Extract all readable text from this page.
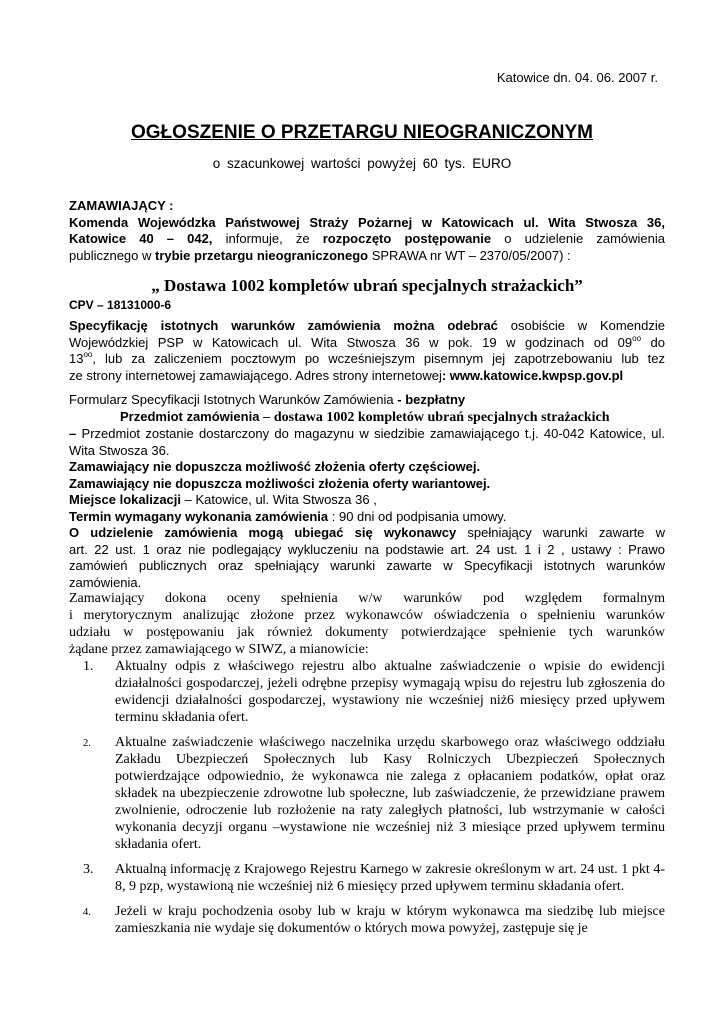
Katowice dn. 04. 06. 2007 r.
OGŁOSZENIE O PRZETARGU NIEOGRANICZONYM
o szacunkowej wartości powyżej 60 tys. EURO

ZAMAWIAJĄCY :

Komenda Wojewódzka Państwowej Straży Pożarnej w Katowicach ul. Wita Stwosza 36,

Katowice 40 – 042, informuje, że rozpoczęto postępowanie o udzielenie zamówienia

publicznego w trybie przetargu nieograniczonego SPRAWA nr WT – 2370/05/2007) :

„ Dostawa 1002 kompletów ubrań specjalnych strażackich”
CPV – 18131000-6

Specyfikację istotnych warunków zamówienia można odebrać osobiście w Komendzie

Wojewódzkiej PSP w Katowicach ul. Wita Stwosza 36 w pok. 19 w godzinach od $09^{oo}$ do

$13^{oo}$, lub za zaliczeniem pocztowym po wcześniejszym pisemnym jej zapotrzebowaniu lub tez

ze strony internetowej zamawiającego. Adres strony internetowej: www.katowice.kwpsp.gov.pl

Formularz Specyfikacji Istotnych Warunków Zamówienia - bezpłatny

Przedmiot zamówienia – dostawa 1002 kompletów ubrań specjalnych strażackich

– Przedmiot zostanie dostarczony do magazynu w siedzibie zamawiającego t.j. 40-042 Katowice, ul.

Wita Stwosza 36.

Zamawiający nie dopuszcza możliwość złożenia oferty częściowej.

Zamawiający nie dopuszcza możliwości złożenia oferty wariantowej.

Miejsce lokalizacji – Katowice, ul. Wita Stwosza 36 ,

Termin wymagany wykonania zamówienia : 90 dni od podpisania umowy.

O udzielenie zamówienia mogą ubiegać się wykonawcy spełniający warunki zawarte w

art. 22 ust. 1 oraz nie podlegający wykluczeniu na podstawie art. 24 ust. 1 i 2 , ustawy : Prawo

zamówień publicznych oraz spełniający warunki zawarte w Specyfikacji istotnych warunków

zamówienia.

Zamawiający dokona oceny spełnienia w/w warunków pod względem formalnym

i merytorycznym analizując złożone przez wykonawców oświadczenia o spełnieniu warunków

udziału w postępowaniu jak również dokumenty potwierdzające spełnienie tych warunków

żądane przez zamawiającego w SIWZ, a mianowicie:

1. Aktualny odpis z właściwego rejestru albo aktualne zaświadczenie o wpisie do ewidencji działalności gospodarczej, jeżeli odrębne przepisy wymagają wpisu do rejestru lub zgłoszenia do ewidencji działalności gospodarczej, wystawiony nie wcześniej niż6 miesięcy przed upływem terminu składania ofert.
2. Aktualne zaświadczenie właściwego naczelnika urzędu skarbowego oraz właściwego oddziału Zakładu Ubezpieczeń Społecznych lub Kasy Rolniczych Ubezpieczeń Społecznych potwierdzające odpowiednio, że wykonawca nie zalega z opłacaniem podatków, opłat oraz składek na ubezpieczenie zdrowotne lub społeczne, lub zaświadczenie, że przewidziane prawem zwolnienie, odroczenie lub rozłożenie na raty zaległych płatności, lub wstrzymanie w całości wykonania decyzji organu –wystawione nie wcześniej niż 3 miesiące przed upływem terminu składania ofert.
3. Aktualną informację z Krajowego Rejestru Karnego w zakresie określonym w art. 24 ust. 1 pkt 4-8, 9 pzp, wystawioną nie wcześniej niż 6 miesięcy przed upływem terminu składania ofert.
4. Jeżeli w kraju pochodzenia osoby lub w kraju w którym wykonawca ma siedzibę lub miejsce zamieszkania nie wydaje się dokumentów o których mowa powyżej, zastępuje się je
